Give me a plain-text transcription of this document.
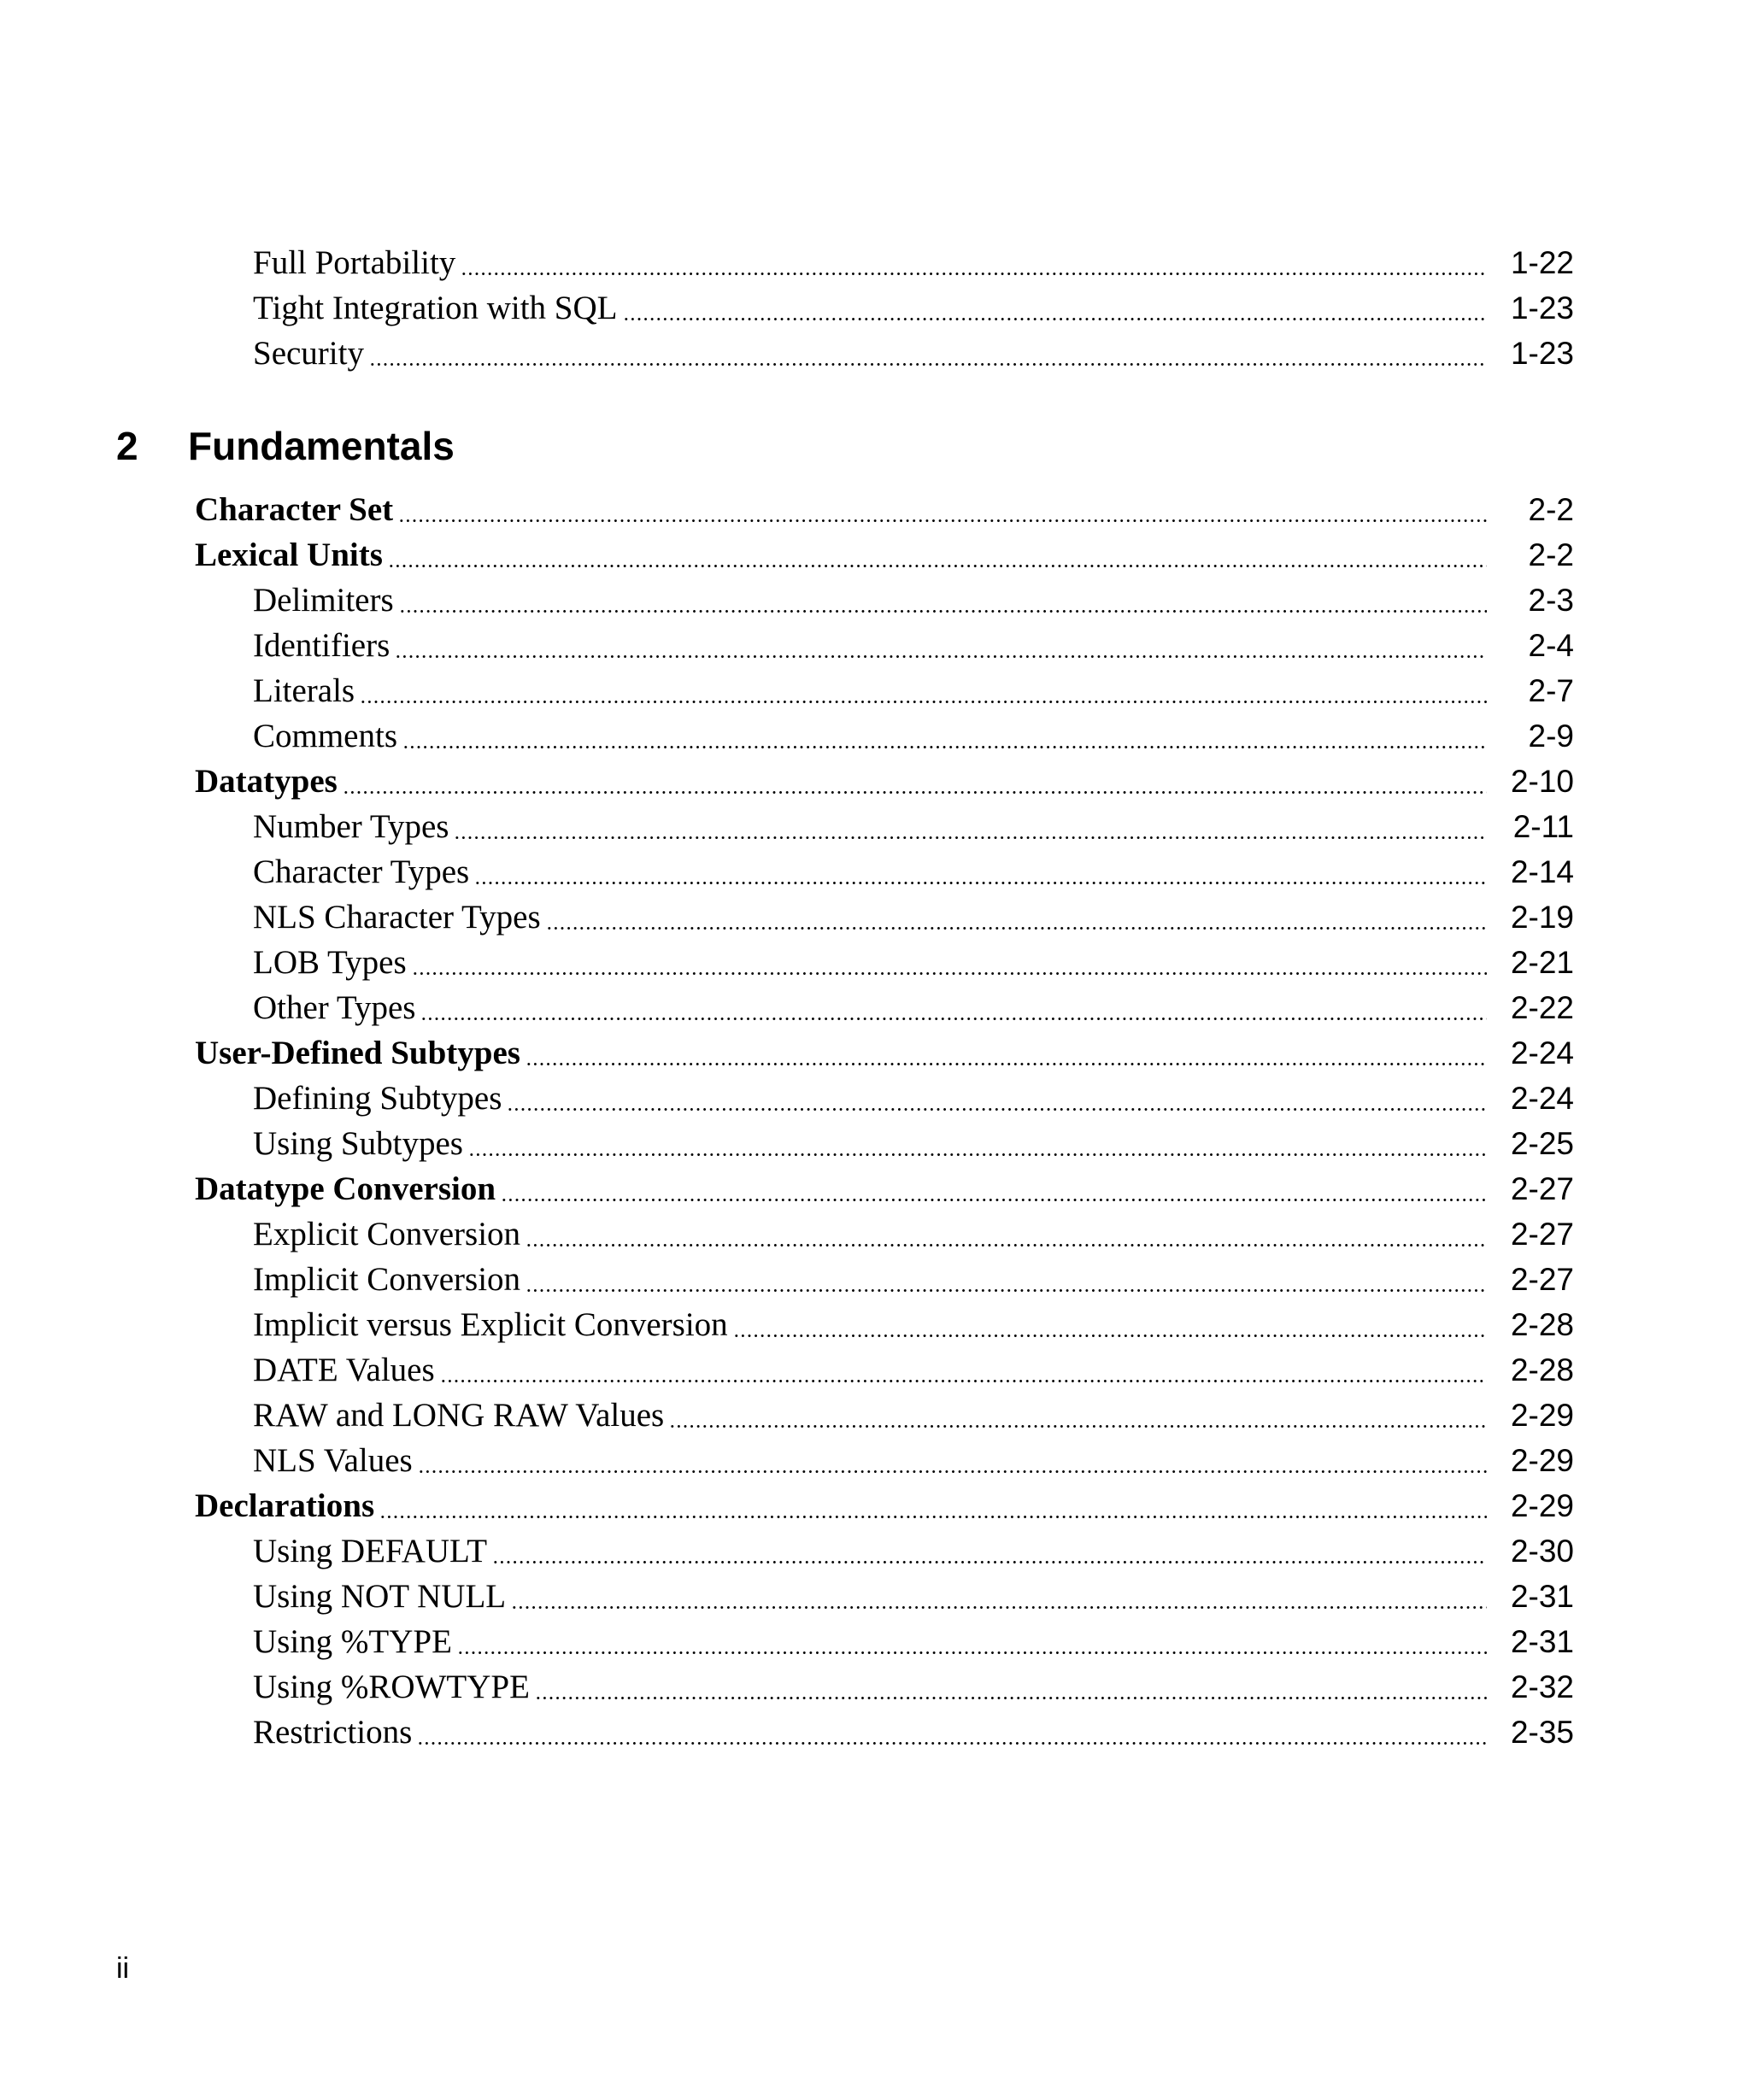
Full Portability	1-22
Tight Integration with SQL	1-23
Security	1-23
2 Fundamentals
Character Set	2-2
Lexical Units	2-2
Delimiters	2-3
Identifiers	2-4
Literals	2-7
Comments	2-9
Datatypes	2-10
Number Types	2-11
Character Types	2-14
NLS Character Types	2-19
LOB Types	2-21
Other Types	2-22
User-Defined Subtypes	2-24
Defining Subtypes	2-24
Using Subtypes	2-25
Datatype Conversion	2-27
Explicit Conversion	2-27
Implicit Conversion	2-27
Implicit versus Explicit Conversion	2-28
DATE Values	2-28
RAW and LONG RAW Values	2-29
NLS Values	2-29
Declarations	2-29
Using DEFAULT	2-30
Using NOT NULL	2-31
Using %TYPE	2-31
Using %ROWTYPE	2-32
Restrictions	2-35
ii
